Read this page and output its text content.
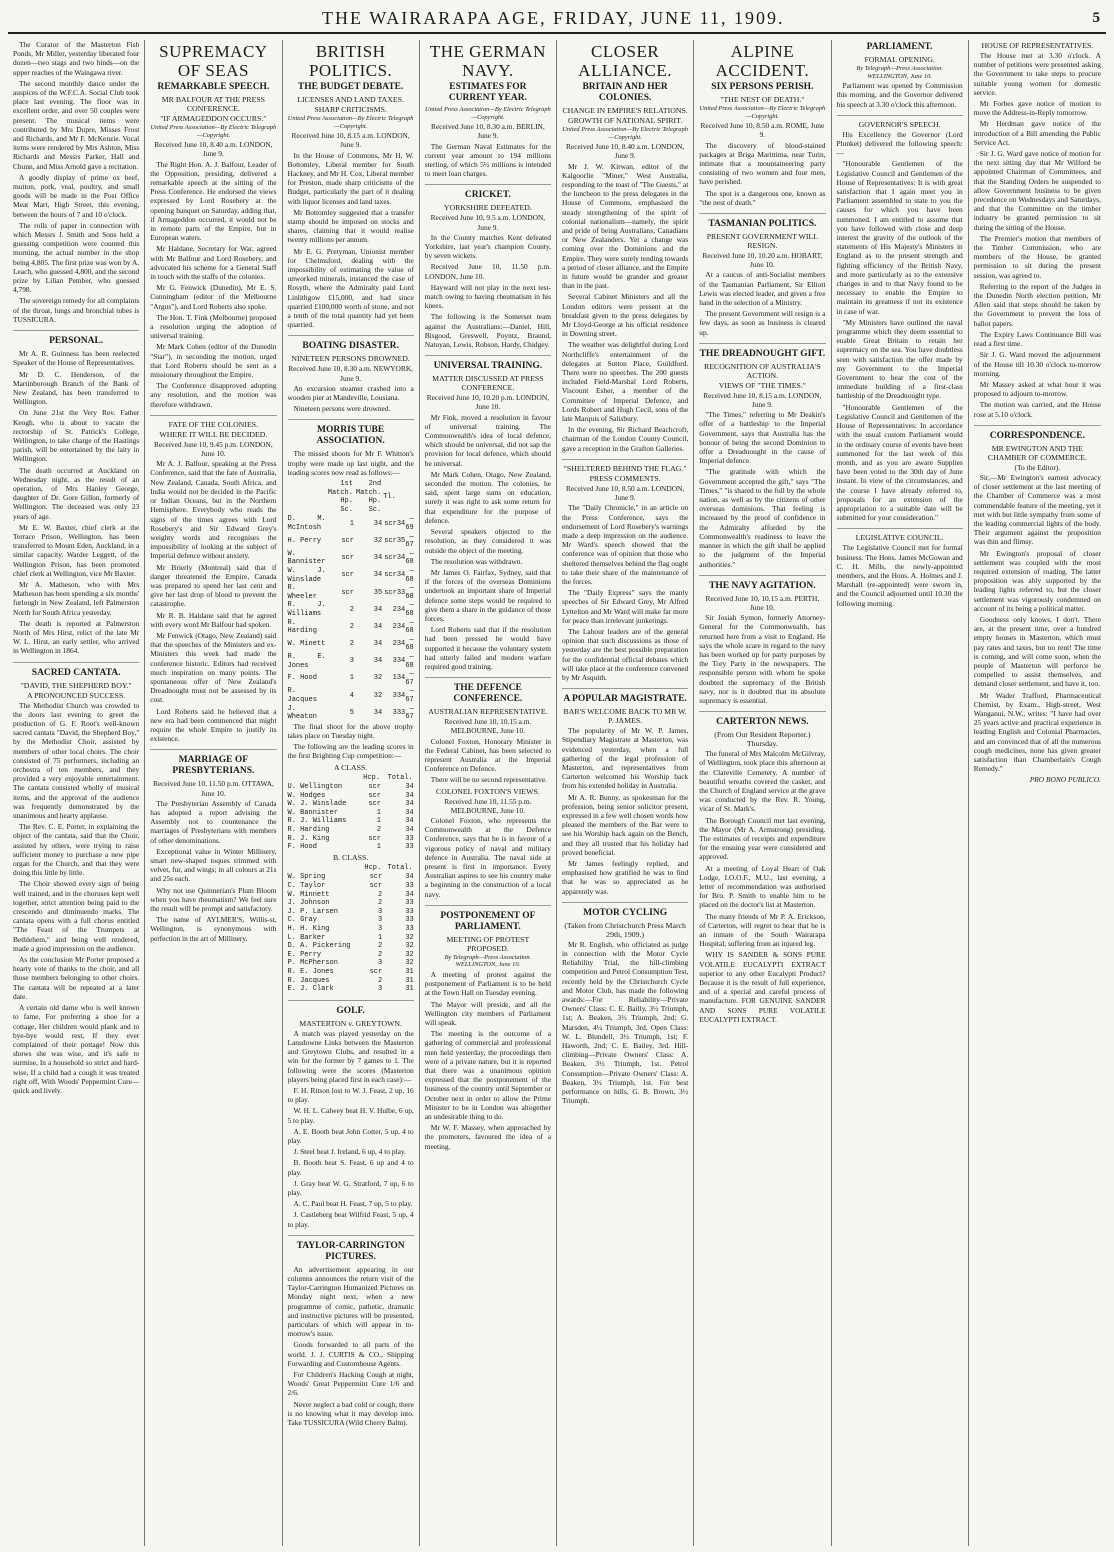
THE WAIRARAPA AGE, FRIDAY, JUNE 11, 1909.	5

The Curator of the Masterton Fish Ponds, Mr Miller, yesterday liberated four dozen—two stags and two hinds—on the upper reaches of the Waingawa river.

The second monthly dance under the auspices of the W.F.C.A. Social Club took place last evening. The floor was in excellent order, and over 50 couples were present. The musical items were contributed by Mrs Dupre, Misses Frost and Richards, and Mr F. McKenzie. Vocal items were rendered by Mrs Ashton, Miss Richards and Messrs Parker, Hall and Chunn, and Miss Arnold gave a recitation.

A goodly display of prime ox beef, mutton, pork, veal, poultry, and small goods will be made in the Post Office Meat Mart, High Street, this evening, between the hours of 7 and 10 o'clock.

The rolls of paper in connection with which Messrs J. Smith and Sons held a guessing competition were counted this morning, the actual number in the shop being 4,805. The first prize was won by A. Leach, who guessed 4,800, and the second prize by Lilian Pember, who guessed 4,798.

The sovereign remedy for all complaints of the throat, lungs and bronchial tubes is TUSSICURA.

PERSONAL.

Mr A. R. Guinness has been reelected Speaker of the House of Representatives.

Mr D. C. Henderson, of the Martinborough Branch of the Bank of New Zealand, has been transferred to Wellington.

On June 21st the Very Rev. Father Keogh, who is about to vacate the rectorship of St. Patrick's College, Wellington, to take charge of the Hastings parish, will be entertained by the laity in Wellington.

The death occurred at Auckland on Wednesday night, as the result of an operation, of Mrs Hanley George, daughter of Dr. Gore Gillon, formerly of Wellington. The deceased was only 23 years of age.

Mr E. W. Baxter, chief clerk at the Terrace Prison, Wellington, has been transferred to Mount Eden, Auckland, in a similar capacity. Warder Leggett, of the Wellington Prison, has been promoted chief clerk at Wellington, vice Mr Baxter.

Mr A. Matheson, who with Mrs Matheson has been spending a six months' furlough in New Zealand, left Palmerston North for South Africa yesterday.

The death is reported at Palmerston North of Mrs Hirst, relict of the late Mr W. L. Hirst, an early settler, who arrived in Wellington in 1864.

SACRED CANTATA.
"DAVID, THE SHEPHERD BOY."
A PRONOUNCED SUCCESS.

The Methodist Church was crowded to the doors last evening to greet the production of G. F. Root's well-known sacred cantata "David, the Shepherd Boy," by the Methodist Choir, assisted by members of other local choirs. The choir consisted of 75 performers, including an orchestra of ten members, and they provided a very enjoyable entertainment. The cantata consisted wholly of musical items, and the approval of the audience was frequently demonstrated by the unanimous and hearty applause.

The Rev. C. E. Porter, in explaining the object of the cantata, said that the Choir, assisted by others, were trying to raise sufficient money to purchase a new pipe organ for the Church, and that they were doing this little by little.

The Choir showed every sign of being well trained, and in the choruses kept well together, strict attention being paid to the crescendo and diminuendo marks. The cantata opens with a full chorus entitled "The Feast of the Trumpets at Bethlehem," and being well rendered, made a good impression on the audience.

As the conclusion Mr Porter proposed a hearty vote of thanks to the choir, and all those members belonging to other choirs. The cantata will be repeated at a later date.

A certain old dame who is well known to fame, For preferring a shoe for a cottage, Her children would plank and to bye-bye would rest, If they ever complained of their pottage! Now this shows she was wise, and it's safe to surmise, In a household so strict and hard-wise, If a child had a cough it was treated right off, With Woods' Peppermint Cure—quick and lively.

SUPREMACY OF SEAS
REMARKABLE SPEECH.
MR BALFOUR AT THE PRESS CONFERENCE.
"IF ARMAGEDDON OCCURS."
United Press Association—By Electric Telegraph—Copyright.
Received June 10, 8.40 a.m. LONDON, June 9.

The Right Hon. A. J. Balfour, Leader of the Opposition, presiding, delivered a remarkable speech at the sitting of the Press Conference. He endorsed the views expressed by Lord Rosebery at the opening banquet on Saturday, adding that, if Armageddon occurred, it would not be in remote parts of the Empire, but in European waters.

Mr Haldane, Secretary for War, agreed with Mr Balfour and Lord Rosebery, and advocated his scheme for a General Staff in touch with the staffs of the colonies.

Mr G. Fenwick (Dunedin), Mr E. S. Cunningham (editor of the Melbourne "Argus"), and Lord Roberts also spoke.

The Hon. T. Fink (Melbourne) proposed a resolution urging the adoption of universal training.

Mr Mark Cohen (editor of the Dunedin "Star"), in seconding the motion, urged that Lord Roberts should be sent as a missionary throughout the Empire.

The Conference disapproved adopting any resolution, and the motion was therefore withdrawn.

FATE OF THE COLONIES.
WHERE IT WILL BE DECIDED.
Received June 10, 9.45 p.m. LONDON, June 10.

Mr A. J. Balfour, speaking at the Press Conference, said that the fate of Australia, New Zealand, Canada, South Africa, and India would not be decided in the Pacific or Indian Oceans, but in the Northern Hemisphere. Everybody who reads the signs of the times agrees with Lord Rosebery's and Sir Edward Grey's weighty words and recognises the impossibility of looking at the subject of Imperial defence without anxiety.

Mr Brierly (Montreal) said that if danger threatened the Empire, Canada was prepared to spend her last cent and give her last drop of blood to prevent the catastrophe.

Mr R. B. Haldane said that he agreed with every word Mr Balfour had spoken.

Mr Fenwick (Otago, New Zealand) said that the speeches of the Ministers and ex-Ministers this week had made the conference historic. Editors had received much inspiration on many points. The spontaneous offer of New Zealand's Dreadnought must not be assessed by its cost.

Lord Roberts said he believed that a new era had been commenced that might require the whole Empire to justify its existence.

MARRIAGE OF PRESBYTERIANS.
Received June 10, 11.50 p.m. OTTAWA, June 10.

The Presbyterian Assembly of Canada has adopted a report advising the Assembly not to countenance the marriages of Presbyterians with members of other denominations.

Exceptional value in Winter Millinery, smart new-shaped toques trimmed with velvet, fur, and wings; in all colours at 21s and 25s each.

Why not use Quinnerian's Plum Bloom when you have rheumatism? We feel sure the result will be prompt and satisfactory.

The name of AYLMER'S, Willis-st, Wellington, is synonymous with perfection in the art of Millinery.

BRITISH POLITICS.
THE BUDGET DEBATE.
LICENSES AND LAND TAXES.
SHARP CRITICISMS.
United Press Association—By Electric Telegraph—Copyright.
Received June 10, 8.15 a.m. LONDON, June 9.

In the House of Commons, Mr H. W. Bottomley, Liberal member for South Hackney, and Mr H. Cox, Liberal member for Preston, made sharp criticisms of the Budget, particularly the part of it dealing with liquor licenses and land taxes.

Mr Bottomley suggested that a transfer stamp should be imposed on stocks and shares, claiming that it would realise twenty millions per annum.

Mr E. G. Pretyman, Unionist member for Chelmsford, dealing with the impossibility of estimating the value of unworked minerals, instanced the case of Rosyth, where the Admiralty paid Lord Linlithgow £15,000, and had since quarried £100,000 worth of stone, and not a tenth of the total quantity had yet been quarried.

BOATING DISASTER.
NINETEEN PERSONS DROWNED.
Received June 10, 8.30 a.m. NEWYORK, June 9.

An excursion steamer crashed into a wooden pier at Mandeville, Lousiana.

Nineteen persons were drowned.

MORRIS TUBE ASSOCIATION.

The missed shoots for Mr F. Whitton's trophy were made up last night, and the leading scores now read as follows:—

	1st Match. Hp. Sc.	2nd Match. Hp. Sc.	Tl.		
D. M. McIntosh	1	34	scr	34	—69
H. Perry	scr	32	scr	35	—67
W. Bannister	scr	34	scr	34	—68
W. J. Winslade	scr	34	scr	34	—68
R. Wheeler	scr	35	scr	33	—68
R. J. Williams	2	34	2	34	—68
R. Harding	2	34	2	34	—68
W. Minett	2	34	2	34	—68
R. E. Jones	3	34	3	34	—68
F. Hood	1	32	1	34	—67
R. Jacques	4	32	3	34	—67
J. Wheaton	5	34	3	33	—67

The final shoot for the above trophy takes place on Tuesday night.

The following are the leading scores in the first Brighting Cup competition:—

A CLASS.
	Hcp.	Total.
U. Wellington	scr	34
W. Hodges	scr	34
W. J. Winslade	scr	34
W. Bannister	1	34
R. J. Williams	1	34
R. Harding	2	34
R. J. King	scr	33
F. Hood	1	33
B. CLASS.
	Hcp.	Total.
W. Spring	scr	34
C. Taylor	scr	33
W. Minnett	2	34
J. Johnson	2	33
J. P. Larsen	3	33
C. Gray	3	33
H. H. King	3	33
L. Barker	1	32
D. A. Pickering	2	32
E. Perry	2	32
P. McPherson	3	32
R. E. Jones	scr	31
R. Jacques	2	31
E. J. Clark	3	31
GOLF.
MASTERTON v. GREYTOWN.

A match was played yesterday on the Lansdowne Links between the Masterton and Greytown Clubs, and resulted in a win for the former by 7 games to 1. The following were the scores (Masterton players being placed first in each case):—

F. H. Ritson lost to W. J. Feast, 2 up, 16 to play.

W. H. L. Calwey beat H. V. Hulbe, 6 up, 5 to play.

A. E. Booth beat John Cotter, 5 up, 4 to play.

J. Steel beat J. Ireland, 6 up, 4 to play.

B. Booth beat S. Feast, 6 up and 4 to play.

J. Gray beat W. G. Stratford, 7 up, 6 to play.

A. C. Paul beat H. Feast, 7 up, 5 to play.

J. Castleberg beat Wilfrid Feast, 5 up, 4 to play.

TAYLOR-CARRINGTON PICTURES.

An advertisement appearing in our columns announces the return visit of the Taylor-Carrington Humanized Pictures on Monday night next, when a new programme of comic, pathetic, dramatic and instructive pictures will be presented, particulars of which will appear in to-morrow's issue.

Goods forwarded to all parts of the world. J. J. CURTIS & CO., Shipping Forwarding and Customhouse Agents.

For Children's Hacking Cough at night, Woods' Great Peppermint Cure 1/6 and 2/6.

Never neglect a bad cold or cough; there is no knowing what it may develop into. Take TUSSICURA (Wild Cherry Balm).

THE GERMAN NAVY.
ESTIMATES FOR CURRENT YEAR.
United Press Association—By Electric Telegraph—Copyright.
Received June 10, 8.30 a.m. BERLIN, June 9.

The German Naval Estimates for the current year amount to 194 millions sterling, of which 5½ millions is intended to meet loan charges.

CRICKET.
YORKSHIRE DEFEATED.
Received June 10, 9.5 a.m. LONDON, June 9.

In the County matches Kent defeated Yorkshire, last year's champion County, by seven wickets.

Received June 10, 11.50 p.m. LONDON, June 10.

Hayward will not play in the next test-match owing to having rheumatism in his knees.

The following is the Somerset team against the Australians:—Daniel, Hill, Bisgood, Greswell, Poyntz, Braund, Natuyan, Lewis, Robson, Hardy, Chidgey.

UNIVERSAL TRAINING.
MATTER DISCUSSED AT PRESS CONFERENCE.
Received June 10, 10.20 p.m. LONDON, June 10.

Mr Fink, moved a resolution in favour of universal training. The Commonwealth's idea of local defence, which should be universal, did not sap the provision for local defence, which should be universal.

Mr Mark Cohen, Otago, New Zealand, seconded the motion. The colonies, he said, spent large sums on education, surely it was right to ask some return for that expenditure for the purpose of defence.

Several speakers objected to the resolution, as they considered it was outside the object of the meeting.

The resolution was withdrawn.

Mr James O. Fairfax, Sydney, said that if the forces of the overseas Dominions undertook an important share of Imperial defence some steps would be required to give them a share in the guidance of those forces.

Lord Roberts said that if the resolution had been pressed he would have supported it because the voluntary system had utterly failed and modern warfare required good training.

THE DEFENCE CONFERENCE.
AUSTRALIAN REPRESENTATIVE.
Received June 10, 10.15 a.m. MELBOURNE, June 10.

Colonel Foxton, Honorary Minister in the Federal Cabinet, has been selected to represent Australia at the Imperial Conference on Defence.

There will be no second representative.

COLONEL FOXTON'S VIEWS.
Received June 10, 11.55 p.m. MELBOURNE, June 10.

Colonel Foxton, who represents the Commonwealth at the Defence Conference, says that he is in favour of a vigorous policy of naval and military defence in Australia. The naval side at present is first in importance. Every Australian aspires to see his country make a beginning in the construction of a local navy.

POSTPONEMENT OF PARLIAMENT.
MEETING OF PROTEST PROPOSED.
By Telegraph—Press Association. WELLINGTON, June 10.

A meeting of protest against the postponement of Parliament is to be held at the Town Hall on Tuesday evening.

The Mayor will preside, and all the Wellington city members of Parliament will speak.

The meeting is the outcome of a gathering of commercial and professional men held yesterday, the proceedings then were of a private nature, but it is reported that there was a unanimous opinion expressed that the postponement of the business of the country until September or October next in order to allow the Prime Minister to be in London was altogether an undesirable thing to do.

Mr W. F. Massey, when approached by the promoters, favoured the idea of a meeting.

CLOSER ALLIANCE.
BRITAIN AND HER COLONIES.
CHANGE IN EMPIRE'S RELATIONS.
GROWTH OF NATIONAL SPIRIT.
United Press Association—By Electric Telegraph—Copyright.
Received June 10, 8.40 a.m. LONDON, June 9.

Mr J. W. Kirwan, editor of the Kalgoorlie "Miner," West Australia, responding to the toast of "The Guests," at the luncheon to the press delegates in the House of Commons, emphasised the steady strengthening of the spirit of colonial nationalism—namely, the spirit and pride of being Australians, Canadians or New Zealanders. Yet a change was coming over the Dominions and the Empire. They were surely tending towards a period of closer alliance, and the Empire in future would be grander and greater than in the past.

Several Cabinet Ministers and all the London editors were present at the breakfast given to the press delegates by Mr Lloyd-George at his official residence in Downing street.

The weather was delightful during Lord Northcliffe's entertainment of the delegates at Sutton Place, Guildford. There were no speeches. The 200 guests included Field-Marshal Lord Roberts, Viscount Esher, a member of the Committee of Imperial Defence, and Lords Robert and Hugh Cecil, sons of the late Marquis of Salisbury.

In the evening, Sir Richard Beachcroft, chairman of the London County Council, gave a reception in the Grafton Galleries.

"SHELTERED BEHIND THE FLAG."
PRESS COMMENTS.
Received June 10, 8.50 a.m. LONDON, June 9.

The "Daily Chronicle," in an article on the Press Conference, says the endorsement of Lord Rosebery's warnings made a deep impression on the audience. Mr Ward's speech showed that the conference was of opinion that those who sheltered themselves behind the flag ought to take their share of the maintenance of the forces.

The "Daily Express" says the manly speeches of Sir Edward Grey, Mr Alfred Lyttelton and Mr Ward will make far more for peace than irrelevant junketings.

The Labour leaders are of the general opinion that such discussions as those of yesterday are the best possible preparation for the confidential official debates which will take place at the conference convened by Mr Asquith.

A POPULAR MAGISTRATE.
BAR'S WELCOME BACK TO MR W. P. JAMES.

The popularity of Mr W. P. James, Stipendiary Magistrate at Masterton, was evidenced yesterday, when a full gathering of the legal profession of Masterton, and representatives from Carterton welcomed his Worship back from his extended holiday in Australia.

Mr A. R. Bunny, as spokesman for the profession, being senior solicitor present, expressed in a few well chosen words how pleased the members of the Bar were to see his Worship back again on the Bench, and they all trusted that his holiday had proved beneficial.

Mr James feelingly replied, and emphasised how gratified he was to find that he was so appreciated as he apparently was.

MOTOR CYCLING
(Taken from Christchurch Press March 29th, 1909.)

Mr R. English, who officiated as judge in connection with the Motor Cycle Reliability Trial, the hill-climbing competition and Petrol Consumption Test, recently held by the Christchurch Cycle and Motor Club, has made the following awards:—For Reliability—Private Owners' Class: C. E. Bailly, 3½ Triumph, 1st; A. Beaken, 3½ Triumph, 2nd; G. Marsden, 4¼ Triumph, 3rd. Open Class: W. L. Blundell, 3½ Triumph, 1st; F. Haworth, 2nd; C. E. Bailey, 3rd. Hill-climbing—Private Owners' Class: A. Beaken, 3½ Triumph, 1st. Petrol Consumption—Private Owners' Class: A. Beaken, 3½ Triumph, 1st. For best performance on hills, G. B. Brown, 3½ Triumph.

ALPINE ACCIDENT.
SIX PERSONS PERISH.
"THE NEST OF DEATH."
United Press Association—By Electric Telegraph—Copyright.
Received June 10, 8.50 a.m. ROME, June 9.

The discovery of blood-stained packages at Briga Marittima, near Turin, intimate that a mountaineering party consisting of two women and four men, have perished.

The spot is a dangerous one, known as "the nest of death."

TASMANIAN POLITICS.
PRESENT GOVERNMENT WILL RESIGN.
Received June 10, 10.20 a.m. HOBART, June 10.

At a caucus of anti-Socialist members of the Tasmanian Parliament, Sir Elliott Lewis was elected leader, and given a free hand in the selection of a Ministry.

The present Government will resign is a few days, as soon as business is cleared up.

THE DREADNOUGHT GIFT.
RECOGNITION OF AUSTRALIA'S ACTION.
VIEWS OF "THE TIMES."
Received June 10, 8.15 a.m. LONDON, June 9.

"The Times," referring to Mr Deakin's offer of a battleship to the Imperial Government, says that Australia has the honour of being the second Dominion to offer a Dreadnought in the cause of Imperial defence.

"The gratitude with which the Government accepted the gift," says "The Times," "is shared to the full by the whole nation, as well as by the citizens of other overseas dominions. That feeling is increased by the proof of confidence in the Admiralty afforded by the Commonwealth's readiness to leave the manner in which the gift shall be applied to the judgment of the Imperial authorities."

THE NAVY AGITATION.
Received June 10, 10.15 a.m. PERTH, June 10.

Sir Josiah Symon, formerly Attorney-General for the Commonwealth, has returned here from a visit to England. He says the whole scare in regard to the navy has been worked up for party purposes by the Tory Party in the newspapers. The responsible person with whom he spoke doubted the supremacy of the British navy, nor is it doubted that its absolute supremacy is essential.

CARTERTON NEWS.
(From Our Resident Reporter.) Thursday.

The funeral of Mrs Malcolm McGilvray, of Wellington, took place this afternoon at the Clareville Cemetery. A number of beautiful wreaths covered the casket, and the Church of England service at the grave was conducted by the Rev. R. Young, vicar of St. Mark's.

The Borough Council met last evening, the Mayor (Mr A. Armstrong) presiding. The estimates of receipts and expenditure for the ensuing year were considered and approved.

At a meeting of Loyal Heart of Oak Lodge, I.O.O.F., M.U., last evening, a letter of recommendation was authorised for Bro. P. Smith to enable him to be placed on the doctor's list at Masterton.

The many friends of Mr P. A. Erickson, of Carterton, will regret to hear that he is an inmate of the South Wairarapa Hospital, suffering from an injured leg.

WHY IS SANDER & SONS PURE VOLATILE EUCALYPTI EXTRACT superior to any other Eucalypti Product? Because it is the result of full experience, and of a special and careful process of manufacture. FOR GENUINE SANDER AND SONS PURE VOLATILE EUCALYPTI EXTRACT.

PARLIAMENT.
FORMAL OPENING.
By Telegraph—Press Association. WELLINGTON, June 10.

Parliament was opened by Commission this morning, and the Governor delivered his speech at 3.30 o'clock this afternoon.

GOVERNOR'S SPEECH.

His Excellency the Governor (Lord Plunket) delivered the following speech:—

"Honourable Gentlemen of the Legislative Council and Gentlemen of the House of Representatives: It is with great satisfaction that I again meet you in Parliament assembled to state to you the causes for which you have been summoned. I am entitled to assume that you have followed with close and deep interest the gravity of the outlook of the statements of His Majesty's Ministers in England as to the present strength and fighting efficiency of the British Navy, and more particularly as to the extensive changes in and to that Navy found to be necessary to enable the Empire to maintain its greatness if not its existence in case of war.

"My Ministers have outlined the naval programme which they deem essential to enable Great Britain to retain her supremacy on the sea. You have doubtless seen with satisfaction the offer made by my Government to the Imperial Government to bear the cost of the immediate building of a first-class battleship of the Dreadnought type.

"Honourable Gentlemen of the Legislative Council and Gentlemen of the House of Representatives: In accordance with the usual custom Parliament would in the ordinary course of events have been summoned for the last week of this month, and as you are aware Supplies have been voted to the 30th day of June instant. In view of the circumstances, and the course I have already referred to, proposals for an extension of the appropriation to a suitable date will be submitted for your consideration."

LEGISLATIVE COUNCIL.

The Legislative Council met for formal business. The Hons. James McGowan and C. H. Mills, the newly-appointed members, and the Hons. A. Holmes and J. Marshall (re-appointed) were sworn in, and the Council adjourned until 10.30 the following morning.

HOUSE OF REPRESENTATIVES.

The House met at 3.30 o'clock. A number of petitions were presented asking the Government to take steps to procure suitable young women for domestic service.

Mr Forbes gave notice of motion to move the Address-in-Reply tomorrow.

Mr Herdman gave notice of the introduction of a Bill amending the Public Service Act.

Sir J. G. Ward gave notice of motion for the next sitting day that Mr Wilford be appointed Chairman of Committees, and that the Standing Orders be suspended to allow Government business to be given precedence on Wednesdays and Saturdays, and that the Committee on the timber industry be granted permission to sit during the sitting of the House.

The Premier's motion that members of the Timber Commission, who are members of the House, be granted permission to sit during the present session, was agreed to.

Referring to the report of the Judges in the Dunedin North election petition, Mr Allen said that steps should be taken by the Government to prevent the loss of ballot papers.

The Expiry Laws Continuance Bill was read a first time.

Sir J. G. Ward moved the adjournment of the House till 10.30 o'clock to-morrow morning.

Mr Massey asked at what hour it was proposed to adjourn to-morrow.

The motion was carried, and the House rose at 5.10 o'clock.

CORRESPONDENCE.
MR EWINGTON AND THE CHAMBER OF COMMERCE.
(To the Editor).

Sir,—Mr Ewington's earnest advocacy of closer settlement at the last meeting of the Chamber of Commerce was a most commendable feature of the meeting, yet it met with but little sympathy from some of the leading commercial lights of the body. Their argument against the proposition was thin and flimsy.

Mr Ewington's proposal of closer settlement was coupled with the most required extension of roading. The latter proposition was ably supported by the leading lights referred to, but the closer settlement was vigorously condemned on account of its being a political matter.

Goodness only knows, I don't. There are, at the present time, over a hundred empty houses in Masterton, which must pay rates and taxes, but no rent! The time is coming, and will come soon, when the people of Masterton will perforce be compelled to assist themselves, and demand closer settlement, and have it, too.

Mr Wader Trafford, Pharmaceutical Chemist, by Exam., High-street, West Wanganui, N.W., writes: "I have had over 25 years active and practical experience in leading English and Colonial Pharmacies, and am convinced that of all the numerous cough medicines, none has given greater satisfaction than Chamberlain's Cough Remedy."

PRO BONO PUBLICO.
